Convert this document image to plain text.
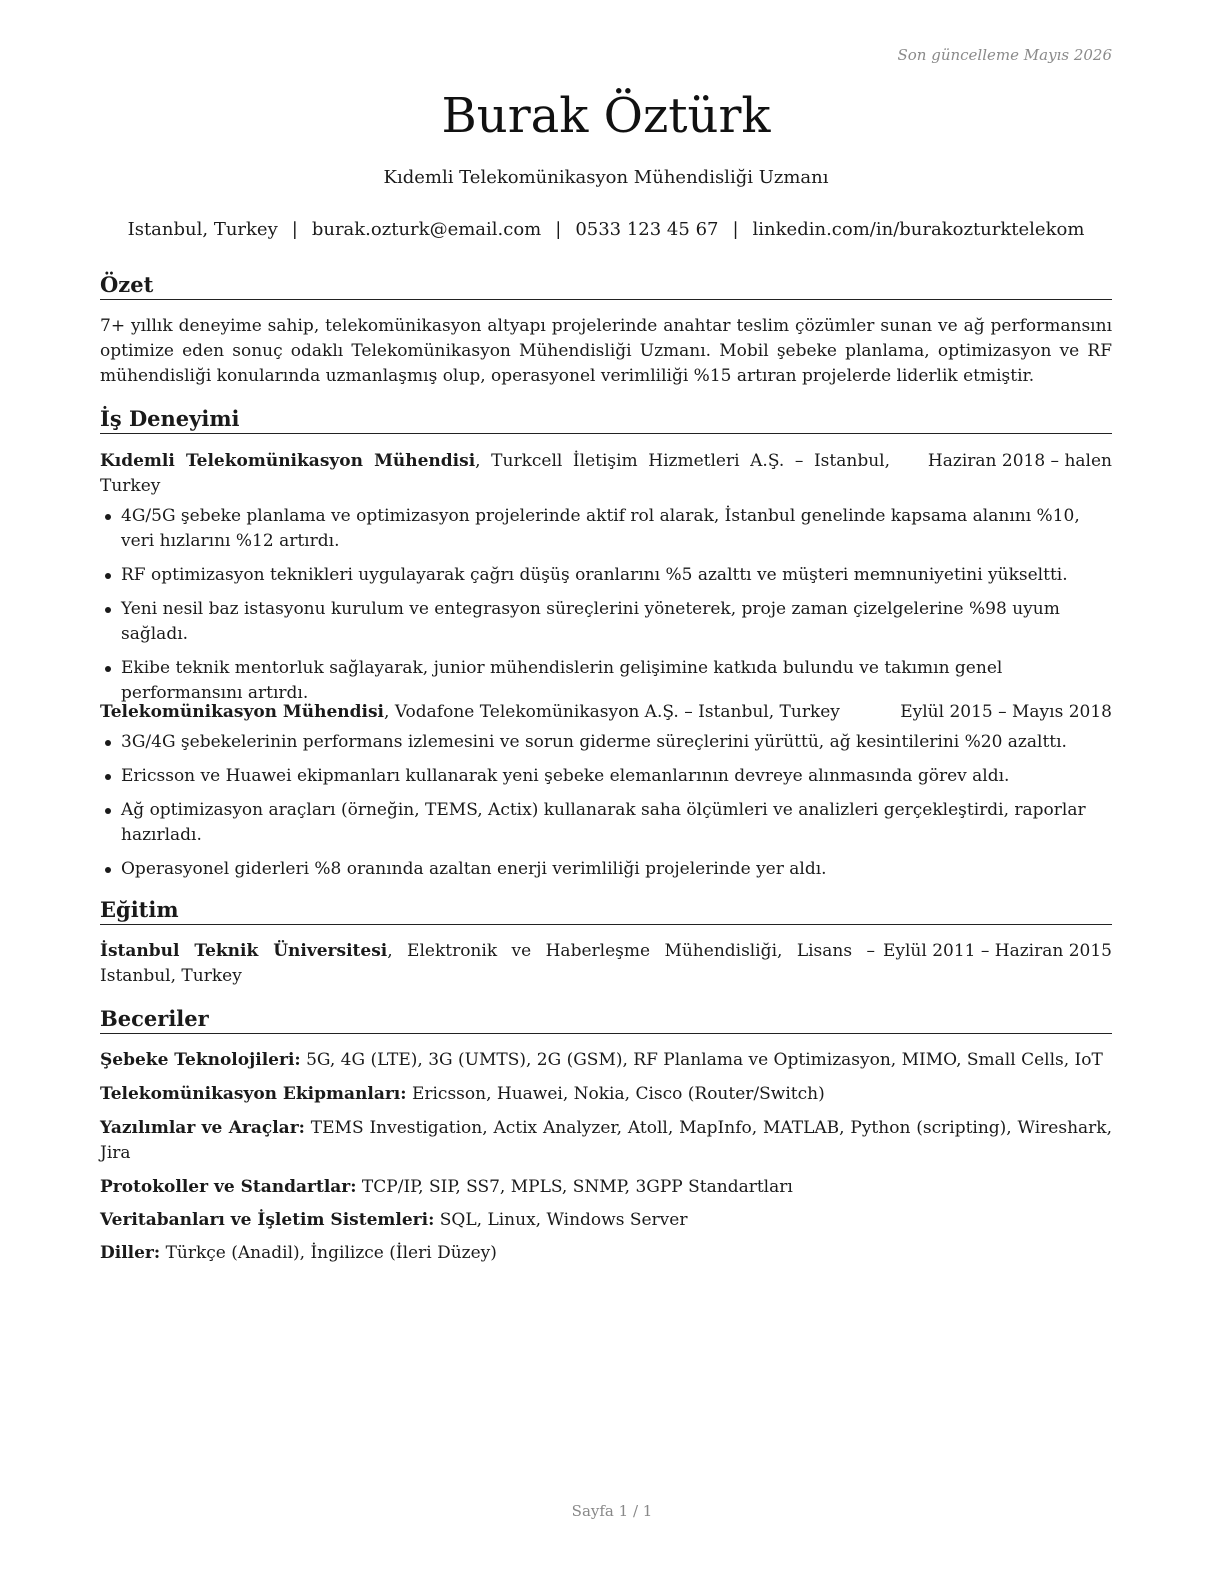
Son güncelleme Mayıs 2026
Burak Öztürk
Kıdemli Telekomünikasyon Mühendisliği Uzmanı
Istanbul, Turkey | burak.ozturk@email.com | 0533 123 45 67 | linkedin.com/in/burakozturktelekom
Özet

7+ yıllık deneyime sahip, telekomünikasyon altyapı projelerinde anahtar teslim çözümler sunan ve ağ performansını optimize eden sonuç odaklı Telekomünikasyon Mühendisliği Uzmanı. Mobil şebeke planlama, optimizasyon ve RF mühendisliği konularında uzmanlaşmış olup, operasyonel verimliliği %15 artıran projelerde liderlik etmiştir.

İş Deneyimi
Kıdemli Telekomünikasyon Mühendisi, Turkcell İletişim Hizmetleri A.Ş. – Istanbul, Turkey
Haziran 2018 – halen
4G/5G şebeke planlama ve optimizasyon projelerinde aktif rol alarak, İstanbul genelinde kapsama alanını %10, veri hızlarını %12 artırdı.
RF optimizasyon teknikleri uygulayarak çağrı düşüş oranlarını %5 azalttı ve müşteri memnuniyetini yükseltti.
Yeni nesil baz istasyonu kurulum ve entegrasyon süreçlerini yöneterek, proje zaman çizelgelerine %98 uyum sağladı.
Ekibe teknik mentorluk sağlayarak, junior mühendislerin gelişimine katkıda bulundu ve takımın genel performansını artırdı.
Telekomünikasyon Mühendisi, Vodafone Telekomünikasyon A.Ş. – Istanbul, Turkey	Eylül 2015 – Mayıs 2018
3G/4G şebekelerinin performans izlemesini ve sorun giderme süreçlerini yürüttü, ağ kesintilerini %20 azalttı.
Ericsson ve Huawei ekipmanları kullanarak yeni şebeke elemanlarının devreye alınmasında görev aldı.
Ağ optimizasyon araçları (örneğin, TEMS, Actix) kullanarak saha ölçümleri ve analizleri gerçekleştirdi, raporlar hazırladı.
Operasyonel giderleri %8 oranında azaltan enerji verimliliği projelerinde yer aldı.
Eğitim
İstanbul Teknik Üniversitesi, Elektronik ve Haberleşme Mühendisliği, Lisans – Istanbul, Turkey
Eylül 2011 – Haziran 2015
Beceriler
Şebeke Teknolojileri: 5G, 4G (LTE), 3G (UMTS), 2G (GSM), RF Planlama ve Optimizasyon, MIMO, Small Cells, IoT
Telekomünikasyon Ekipmanları: Ericsson, Huawei, Nokia, Cisco (Router/Switch)
Yazılımlar ve Araçlar: TEMS Investigation, Actix Analyzer, Atoll, MapInfo, MATLAB, Python (scripting), Wireshark, Jira
Protokoller ve Standartlar: TCP/IP, SIP, SS7, MPLS, SNMP, 3GPP Standartları
Veritabanları ve İşletim Sistemleri: SQL, Linux, Windows Server
Diller: Türkçe (Anadil), İngilizce (İleri Düzey)
Sayfa 1 / 1
